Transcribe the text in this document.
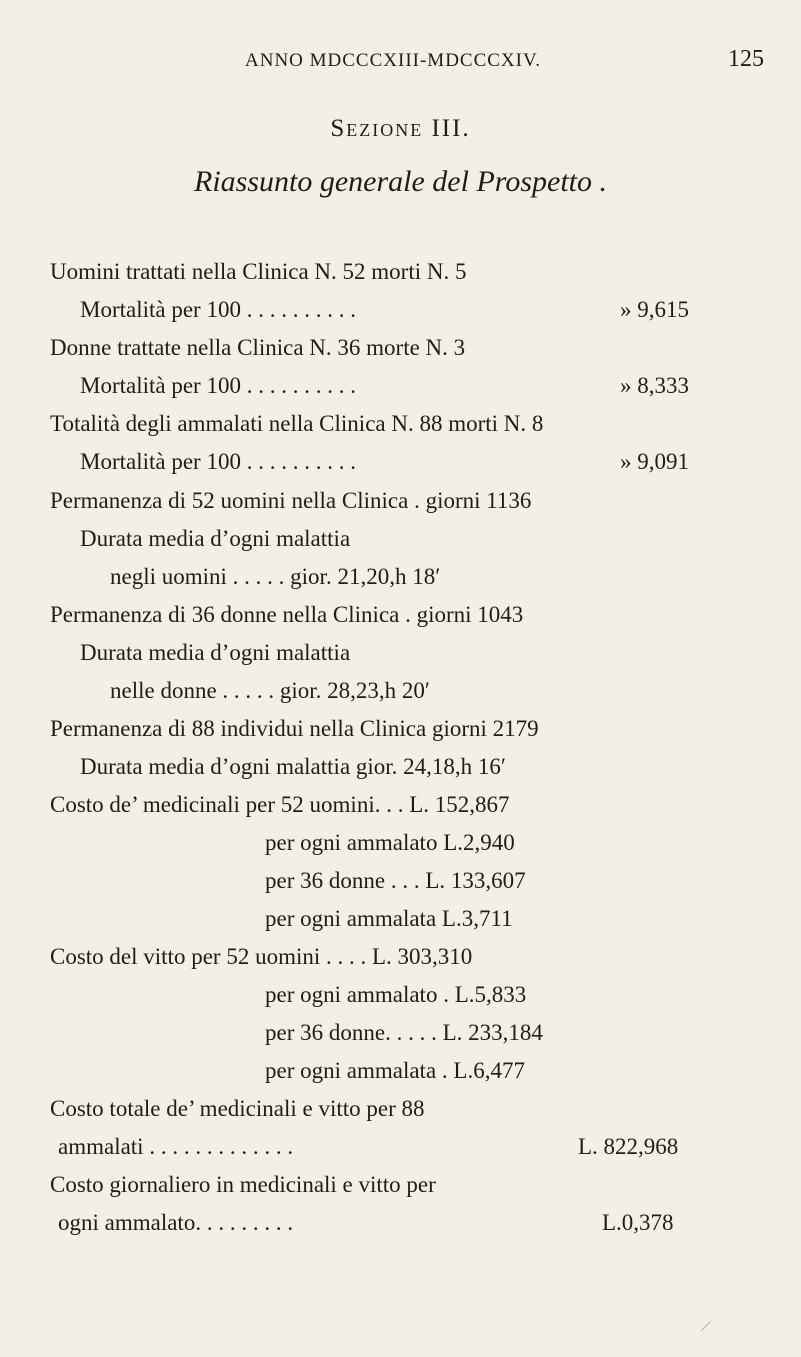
ANNO MDCCCXIII-MDCCCXIV.	125
Sezione III.
Riassunto generale del Prospetto .
Uomini trattati nella Clinica N. 52 morti N. 5
Mortalità per 100 . . . . . . . . . .	» 9,615
Donne trattate nella Clinica N. 36 morte N. 3
Mortalità per 100 . . . . . . . . . .	» 8,333
Totalità degli ammalati nella Clinica N. 88 morti N. 8
Mortalità per 100 . . . . . . . . . .	» 9,091
Permanenza di 52 uomini nella Clinica . giorni 1136
Durata media d’ogni malattia
negli uomini . . . . . gior. 21,20,h 18′
Permanenza di 36 donne nella Clinica . giorni 1043
Durata media d’ogni malattia
nelle donne . . . . . gior. 28,23,h 20′
Permanenza di 88 individui nella Clinica giorni 2179
Durata media d’ogni malattia gior. 24,18,h 16′
Costo de’ medicinali per 52 uomini. . . L. 152,867
per ogni ammalato L.2,940
per 36 donne . . . L. 133,607
per ogni ammalata L.3,711
Costo del vitto per 52 uomini . . . . L. 303,310
per ogni ammalato . L.5,833
per 36 donne. . . . . L. 233,184
per ogni ammalata . L.6,477
Costo totale de’ medicinali e vitto per 88
ammalati . . . . . . . . . . . . .	L. 822,968
Costo giornaliero in medicinali e vitto per
ogni ammalato. . . . . . . . .	L.0,378
